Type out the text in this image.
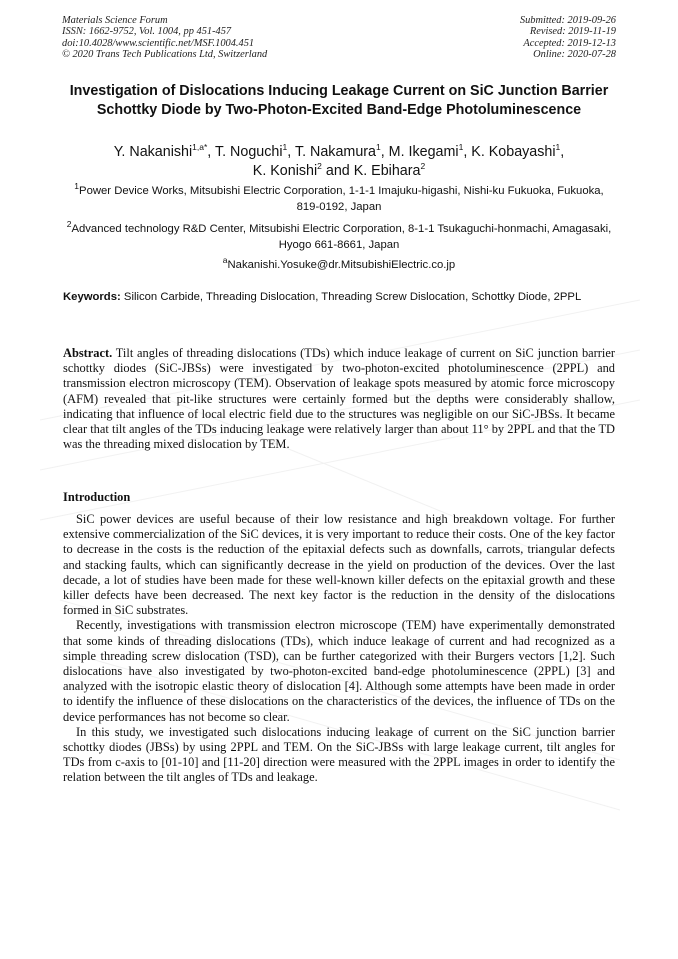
Materials Science Forum
ISSN: 1662-9752, Vol. 1004, pp 451-457
doi:10.4028/www.scientific.net/MSF.1004.451
© 2020 Trans Tech Publications Ltd, Switzerland
Submitted: 2019-09-26
Revised: 2019-11-19
Accepted: 2019-12-13
Online: 2020-07-28
Investigation of Dislocations Inducing Leakage Current on SiC Junction Barrier Schottky Diode by Two-Photon-Excited Band-Edge Photoluminescence
Y. Nakanishi$^{1,a*}$, T. Noguchi$^1$, T. Nakamura$^1$, M. Ikegami$^1$, K. Kobayashi$^1$,
K. Konishi$^2$ and K. Ebihara$^2$
$^1$Power Device Works, Mitsubishi Electric Corporation, 1-1-1 Imajuku-higashi, Nishi-ku Fukuoka, Fukuoka, 819-0192, Japan
$^2$Advanced technology R&D Center, Mitsubishi Electric Corporation, 8-1-1 Tsukaguchi-honmachi, Amagasaki, Hyogo 661-8661, Japan
$^a$Nakanishi.Yosuke@dr.MitsubishiElectric.co.jp
Keywords: Silicon Carbide, Threading Dislocation, Threading Screw Dislocation, Schottky Diode, 2PPL
Abstract. Tilt angles of threading dislocations (TDs) which induce leakage of current on SiC junction barrier schottky diodes (SiC-JBSs) were investigated by two-photon-excited photoluminescence (2PPL) and transmission electron microscopy (TEM). Observation of leakage spots measured by atomic force microscopy (AFM) revealed that pit-like structures were certainly formed but the depths were considerably shallow, indicating that influence of local electric field due to the structures was negligible on our SiC-JBSs. It became clear that tilt angles of the TDs inducing leakage were relatively larger than about 11° by 2PPL and that the TD was the threading mixed dislocation by TEM.
Introduction

SiC power devices are useful because of their low resistance and high breakdown voltage. For further extensive commercialization of the SiC devices, it is very important to reduce their costs. One of the key factor to decrease in the costs is the reduction of the epitaxial defects such as downfalls, carrots, triangular defects and stacking faults, which can significantly decrease in the yield on production of the devices. Over the last decade, a lot of studies have been made for these well-known killer defects on the epitaxial growth and these killer defects have been decreased. The next key factor is the reduction in the density of the dislocations formed in SiC substrates.

Recently, investigations with transmission electron microscope (TEM) have experimentally demonstrated that some kinds of threading dislocations (TDs), which induce leakage of current and had recognized as a simple threading screw dislocation (TSD), can be further categorized with their Burgers vectors [1,2]. Such dislocations have also investigated by two-photon-excited band-edge photoluminescence (2PPL) [3] and analyzed with the isotropic elastic theory of dislocation [4]. Although some attempts have been made in order to identify the influence of these dislocations on the characteristics of the devices, the influence of TDs on the device performances has not become so clear.

In this study, we investigated such dislocations inducing leakage of current on the SiC junction barrier schottky diodes (JBSs) by using 2PPL and TEM. On the SiC-JBSs with large leakage current, tilt angles for TDs from c-axis to [01-10] and [11-20] direction were measured with the 2PPL images in order to identify the relation between the tilt angles of TDs and leakage.
